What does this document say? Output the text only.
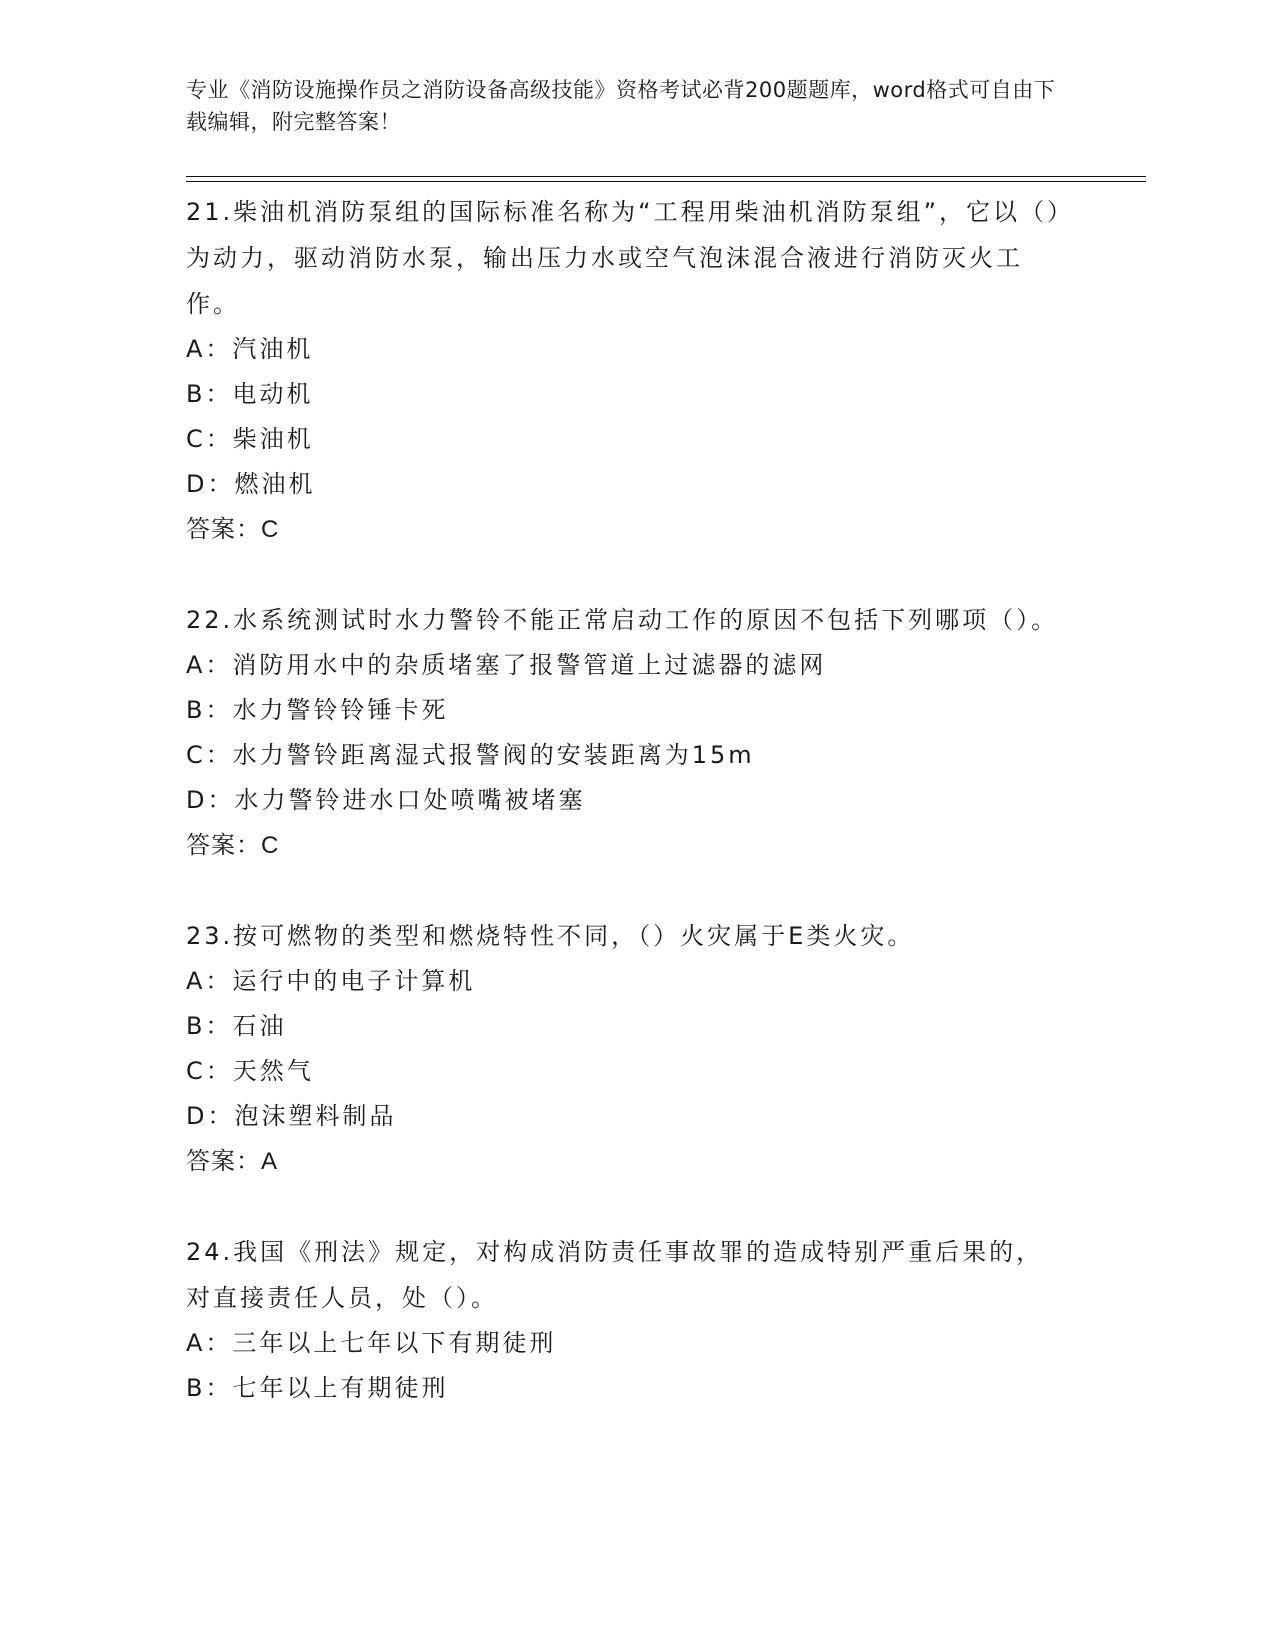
专业《消防设施操作员之消防设备高级技能》资格考试必背200题题库，word格式可自由下载编辑，附完整答案！
21.柴油机消防泵组的国际标准名称为“工程用柴油机消防泵组”，它以（）为动力，驱动消防水泵，输出压力水或空气泡沫混合液进行消防灭火工作。
A：汽油机
B：电动机
C：柴油机
D：燃油机
答案：C
22.水系统测试时水力警铃不能正常启动工作的原因不包括下列哪项（）。
A：消防用水中的杂质堵塞了报警管道上过滤器的滤网
B：水力警铃铃锤卡死
C：水力警铃距离湿式报警阀的安装距离为15m
D：水力警铃进水口处喷嘴被堵塞
答案：C
23.按可燃物的类型和燃烧特性不同，（）火灾属于E类火灾。
A：运行中的电子计算机
B：石油
C：天然气
D：泡沫塑料制品
答案：A
24.我国《刑法》规定，对构成消防责任事故罪的造成特别严重后果的，对直接责任人员，处（）。
A：三年以上七年以下有期徒刑
B：七年以上有期徒刑
